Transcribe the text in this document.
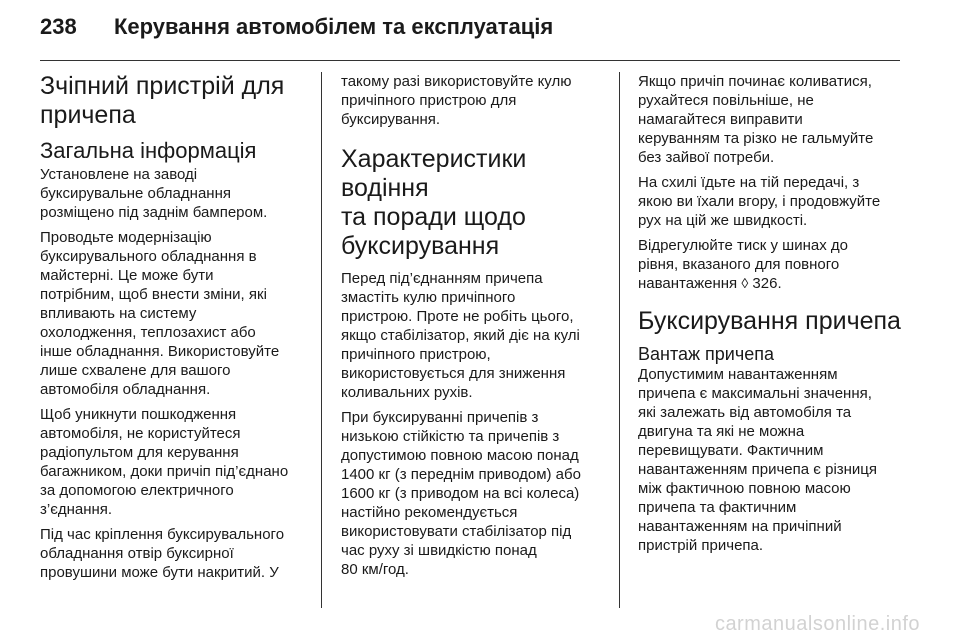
238	Керування автомобілем та експлуатація
Зчіпний пристрій для
причепа
Загальна інформація

Установлене на заводі
буксирувальне обладнання
розміщено під заднім бампером.

Проводьте модернізацію
буксирувального обладнання в
майстерні. Це може бути
потрібним, щоб внести зміни, які
впливають на систему
охолодження, теплозахист або
інше обладнання. Використовуйте
лише схвалене для вашого
автомобіля обладнання.

Щоб уникнути пошкодження
автомобіля, не користуйтеся
радіопультом для керування
багажником, доки причіп під’єднано
за допомогою електричного
з’єднання.

Під час кріплення буксирувального
обладнання отвір буксирної
провушини може бути накритий. У

такому разі використовуйте кулю
причіпного пристрою для
буксирування.

Характеристики водіння
та поради щодо
буксирування

Перед під’єднанням причепа
змастіть кулю причіпного
пристрою. Проте не робіть цього,
якщо стабілізатор, який діє на кулі
причіпного пристрою,
використовується для зниження
коливальних рухів.

При буксируванні причепів з
низькою стійкістю та причепів з
допустимою повною масою понад
1400 кг (з переднім приводом) або
1600 кг (з приводом на всі колеса)
настійно рекомендується
використовувати стабілізатор під
час руху зі швидкістю понад
80 км/год.

Якщо причіп починає коливатися,
рухайтеся повільніше, не
намагайтеся виправити
керуванням та різко не гальмуйте
без зайвої потреби.

На схилі їдьте на тій передачі, з
якою ви їхали вгору, і продовжуйте
рух на цій же швидкості.

Відрегулюйте тиск у шинах до
рівня, вказаного для повного
навантаження ◊ 326.

Буксирування причепа
Вантаж причепа

Допустимим навантаженням
причепа є максимальні значення,
які залежать від автомобіля та
двигуна та які не можна
перевищувати. Фактичним
навантаженням причепа є різниця
між фактичною повною масою
причепа та фактичним
навантаженням на причіпний
пристрій причепа.

carmanualsonline.info
